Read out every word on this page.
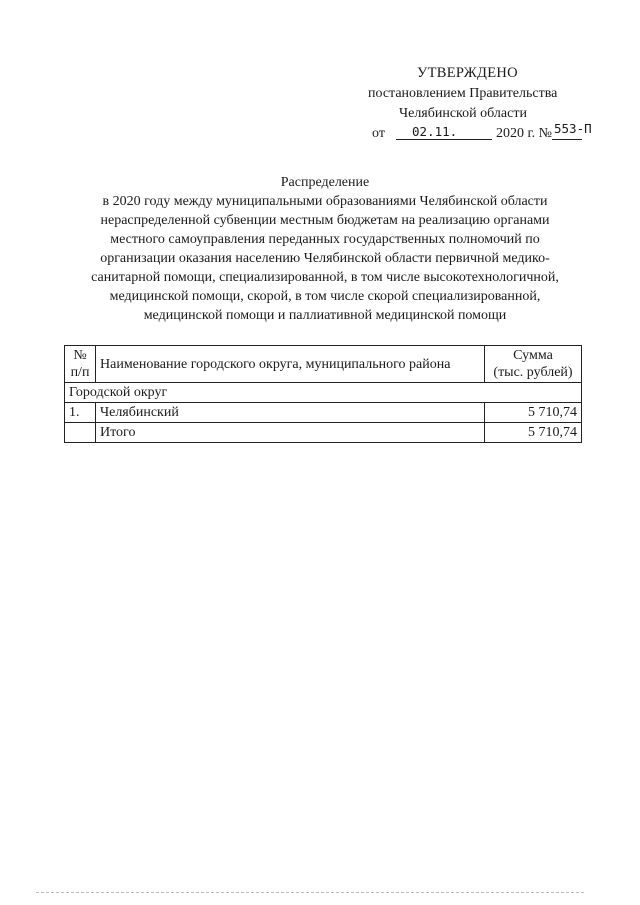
УТВЕРЖДЕНО
постановлением Правительства
Челябинской области
от 02.11.	2020 г. № 553-П
Распределение
в 2020 году между муниципальными образованиями Челябинской области
нераспределенной субвенции местным бюджетам на реализацию органами
местного самоуправления переданных государственных полномочий по
организации оказания населению Челябинской области первичной медико-
санитарной помощи, специализированной, в том числе высокотехнологичной,
медицинской помощи, скорой, в том числе скорой специализированной,
медицинской помощи и паллиативной медицинской помощи
№
п/п	Наименование городского округа, муниципального района	Сумма
(тыс. рублей)
Городской округ		
1.	Челябинский	5 710,74
	Итого	5 710,74
